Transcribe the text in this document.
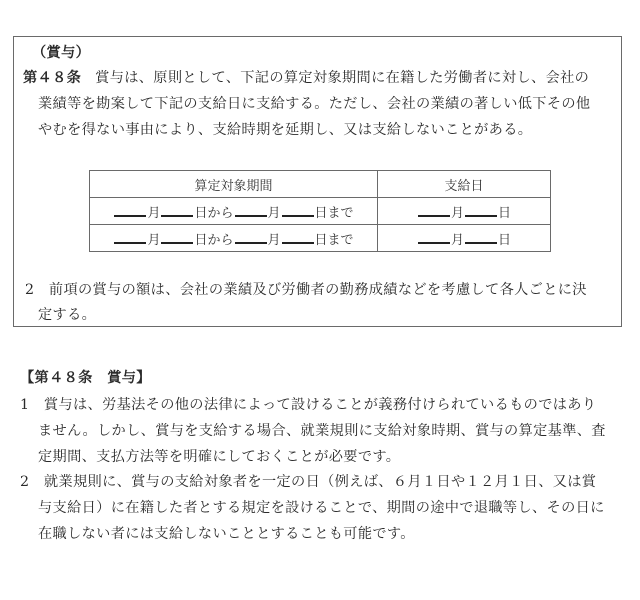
（賞与）
第４８条 賞与は、原則として、下記の算定対象期間に在籍した労働者に対し、会社の
業績等を勘案して下記の支給日に支給する。ただし、会社の業績の著しい低下その他
やむを得ない事由により、支給時期を延期し、又は支給しないことがある。
算定対象期間	支給日
月 日から 月 日まで	月 日
月 日から 月 日まで	月 日
2　前項の賞与の額は、会社の業績及び労働者の勤務成績などを考慮して各人ごとに決
定する。
【第４８条　賞与】
1　賞与は、労基法その他の法律によって設けることが義務付けられているものではあり
ません。しかし、賞与を支給する場合、就業規則に支給対象時期、賞与の算定基準、査
定期間、支払方法等を明確にしておくことが必要です。
2　就業規則に、賞与の支給対象者を一定の日（例えば、６月１日や１２月１日、又は賞
与支給日）に在籍した者とする規定を設けることで、期間の途中で退職等し、その日に
在職しない者には支給しないこととすることも可能です。
